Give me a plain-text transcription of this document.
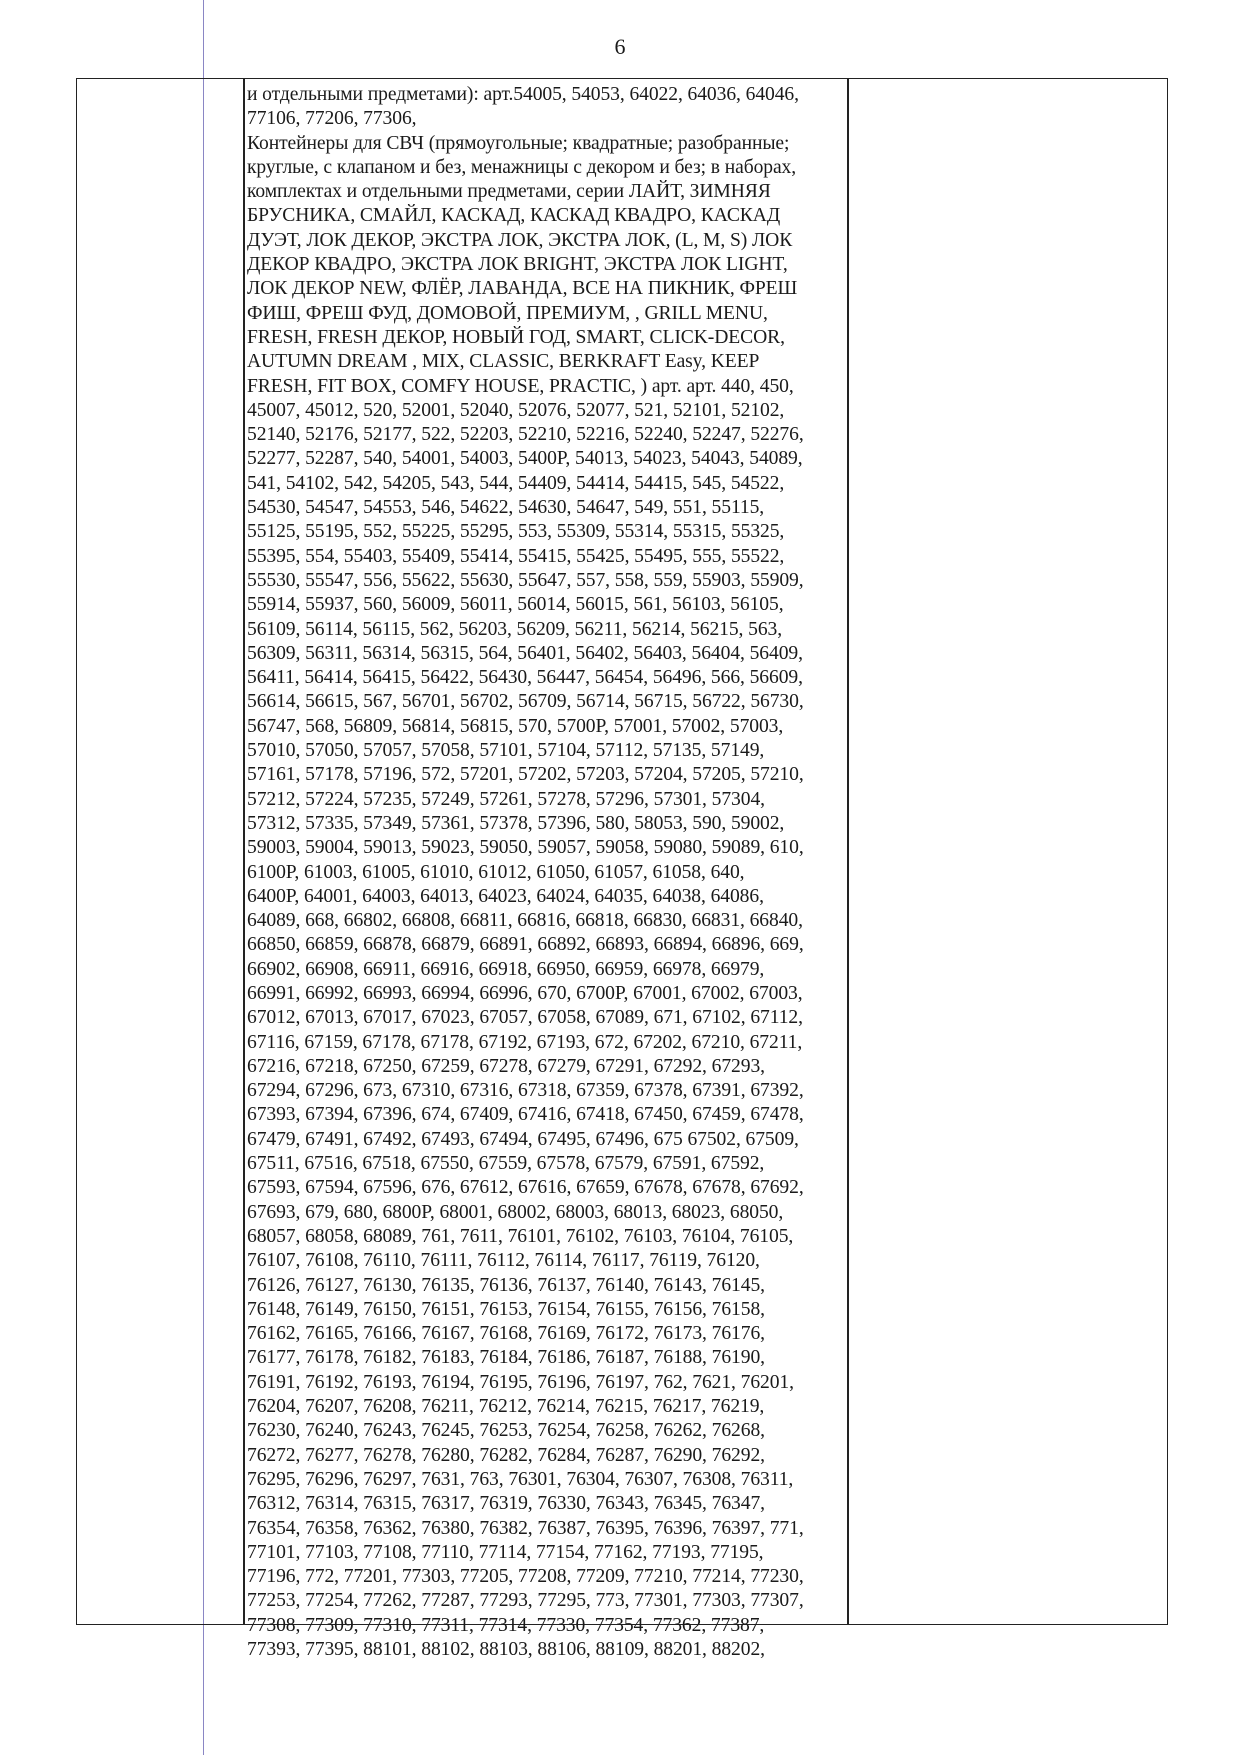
6
и отдельными предметами): арт.54005, 54053, 64022, 64036, 64046,
77106, 77206, 77306,
Контейнеры для СВЧ (прямоугольные; квадратные; разобранные;
круглые, с клапаном и без, менажницы с декором и без; в наборах,
комплектах и отдельными предметами, серии ЛАЙТ, ЗИМНЯЯ
БРУСНИКА, СМАЙЛ, КАСКАД, КАСКАД КВАДРО, КАСКАД
ДУЭТ, ЛОК ДЕКОР, ЭКСТРА ЛОК, ЭКСТРА ЛОК, (L, M, S) ЛОК
ДЕКОР КВАДРО, ЭКСТРА ЛОК BRIGHT, ЭКСТРА ЛОК LIGHT,
ЛОК ДЕКОР NEW, ФЛЁР, ЛАВАНДА, ВСЕ НА ПИКНИК, ФРЕШ
ФИШ, ФРЕШ ФУД, ДОМОВОЙ, ПРЕМИУМ, , GRILL MENU,
FRESH, FRESH ДЕКОР, НОВЫЙ ГОД, SMART, CLICK-DECOR,
AUTUMN DREAM , MIX, CLASSIC, BERKRAFT Easy, KEEP
FRESH, FIT BOX, COMFY HOUSE, PRACTIC, ) арт. арт. 440, 450,
45007, 45012, 520, 52001, 52040, 52076, 52077, 521, 52101, 52102,
52140, 52176, 52177, 522, 52203, 52210, 52216, 52240, 52247, 52276,
52277, 52287, 540, 54001, 54003, 5400P, 54013, 54023, 54043, 54089,
541, 54102, 542, 54205, 543, 544, 54409, 54414, 54415, 545, 54522,
54530, 54547, 54553, 546, 54622, 54630, 54647, 549, 551, 55115,
55125, 55195, 552, 55225, 55295, 553, 55309, 55314, 55315, 55325,
55395, 554, 55403, 55409, 55414, 55415, 55425, 55495, 555, 55522,
55530, 55547, 556, 55622, 55630, 55647, 557, 558, 559, 55903, 55909,
55914, 55937, 560, 56009, 56011, 56014, 56015, 561, 56103, 56105,
56109, 56114, 56115, 562, 56203, 56209, 56211, 56214, 56215, 563,
56309, 56311, 56314, 56315, 564, 56401, 56402, 56403, 56404, 56409,
56411, 56414, 56415, 56422, 56430, 56447, 56454, 56496, 566, 56609,
56614, 56615, 567, 56701, 56702, 56709, 56714, 56715, 56722, 56730,
56747, 568, 56809, 56814, 56815, 570, 5700P, 57001, 57002, 57003,
57010, 57050, 57057, 57058, 57101, 57104, 57112, 57135, 57149,
57161, 57178, 57196, 572, 57201, 57202, 57203, 57204, 57205, 57210,
57212, 57224, 57235, 57249, 57261, 57278, 57296, 57301, 57304,
57312, 57335, 57349, 57361, 57378, 57396, 580, 58053, 590, 59002,
59003, 59004, 59013, 59023, 59050, 59057, 59058, 59080, 59089, 610,
6100P, 61003, 61005, 61010, 61012, 61050, 61057, 61058, 640,
6400P, 64001, 64003, 64013, 64023, 64024, 64035, 64038, 64086,
64089, 668, 66802, 66808, 66811, 66816, 66818, 66830, 66831, 66840,
66850, 66859, 66878, 66879, 66891, 66892, 66893, 66894, 66896, 669,
66902, 66908, 66911, 66916, 66918, 66950, 66959, 66978, 66979,
66991, 66992, 66993, 66994, 66996, 670, 6700P, 67001, 67002, 67003,
67012, 67013, 67017, 67023, 67057, 67058, 67089, 671, 67102, 67112,
67116, 67159, 67178, 67178, 67192, 67193, 672, 67202, 67210, 67211,
67216, 67218, 67250, 67259, 67278, 67279, 67291, 67292, 67293,
67294, 67296, 673, 67310, 67316, 67318, 67359, 67378, 67391, 67392,
67393, 67394, 67396, 674, 67409, 67416, 67418, 67450, 67459, 67478,
67479, 67491, 67492, 67493, 67494, 67495, 67496, 675 67502, 67509,
67511, 67516, 67518, 67550, 67559, 67578, 67579, 67591, 67592,
67593, 67594, 67596, 676, 67612, 67616, 67659, 67678, 67678, 67692,
67693, 679, 680, 6800P, 68001, 68002, 68003, 68013, 68023, 68050,
68057, 68058, 68089, 761, 7611, 76101, 76102, 76103, 76104, 76105,
76107, 76108, 76110, 76111, 76112, 76114, 76117, 76119, 76120,
76126, 76127, 76130, 76135, 76136, 76137, 76140, 76143, 76145,
76148, 76149, 76150, 76151, 76153, 76154, 76155, 76156, 76158,
76162, 76165, 76166, 76167, 76168, 76169, 76172, 76173, 76176,
76177, 76178, 76182, 76183, 76184, 76186, 76187, 76188, 76190,
76191, 76192, 76193, 76194, 76195, 76196, 76197, 762, 7621, 76201,
76204, 76207, 76208, 76211, 76212, 76214, 76215, 76217, 76219,
76230, 76240, 76243, 76245, 76253, 76254, 76258, 76262, 76268,
76272, 76277, 76278, 76280, 76282, 76284, 76287, 76290, 76292,
76295, 76296, 76297, 7631, 763, 76301, 76304, 76307, 76308, 76311,
76312, 76314, 76315, 76317, 76319, 76330, 76343, 76345, 76347,
76354, 76358, 76362, 76380, 76382, 76387, 76395, 76396, 76397, 771,
77101, 77103, 77108, 77110, 77114, 77154, 77162, 77193, 77195,
77196, 772, 77201, 77303, 77205, 77208, 77209, 77210, 77214, 77230,
77253, 77254, 77262, 77287, 77293, 77295, 773, 77301, 77303, 77307,
77308, 77309, 77310, 77311, 77314, 77330, 77354, 77362, 77387,
77393, 77395, 88101, 88102, 88103, 88106, 88109, 88201, 88202,
